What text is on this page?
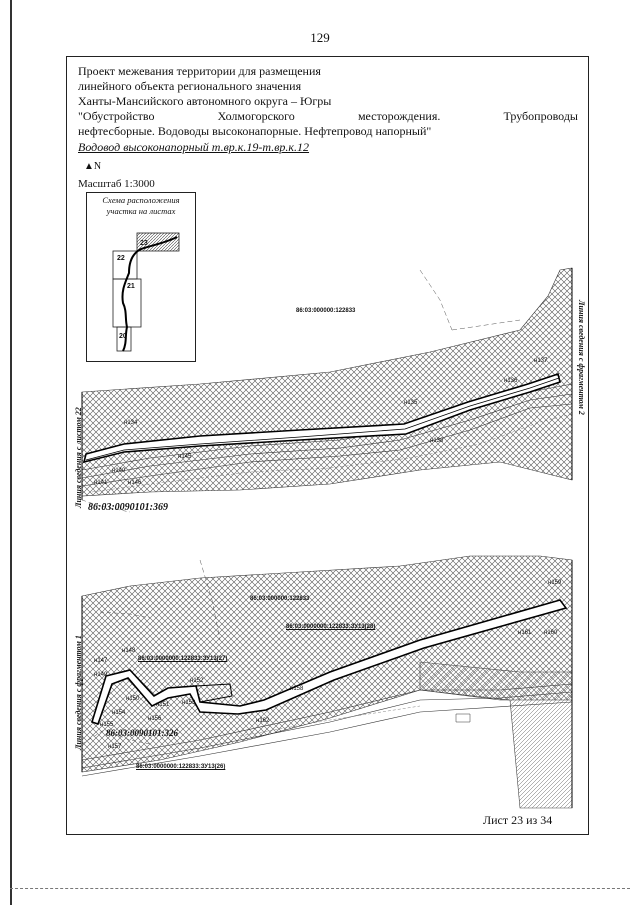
129
Проект межевания территории для размещения
линейного объекта регионального значения
Ханты-Мансийского автономного округа – Югры
"Обустройство	Холмогорского	месторождения.	Трубопроводы
нефтесборные. Водоводы высоконапорные. Нефтепровод напорный"
Водовод высоконапорный т.вр.к.19-т.вр.к.12
▲N
Масштаб 1:3000
Схема расположения
участка на листах
23
22
21
20
86:03:000000:122833
86:03:0090101:369
Линия сведения с листом 22
Линия сведения с фрагментом 2
н134
н135
н136
н137
н138
н140
н141
н145
н146
86:03:000000:122833
86:03:0000000:122833:ЗУ13(28)
86:03:0000000:122833:ЗУ13(27)
86:03:0000000:122833:ЗУ13(26)
86:03:0090101:326
Линия сведения с фрагментом 1 н147
н148
н149
н150
н151
н152
н153
н154
н155
н156
н157
н158
н159
н160
н161
н162
Лист 23 из 34
